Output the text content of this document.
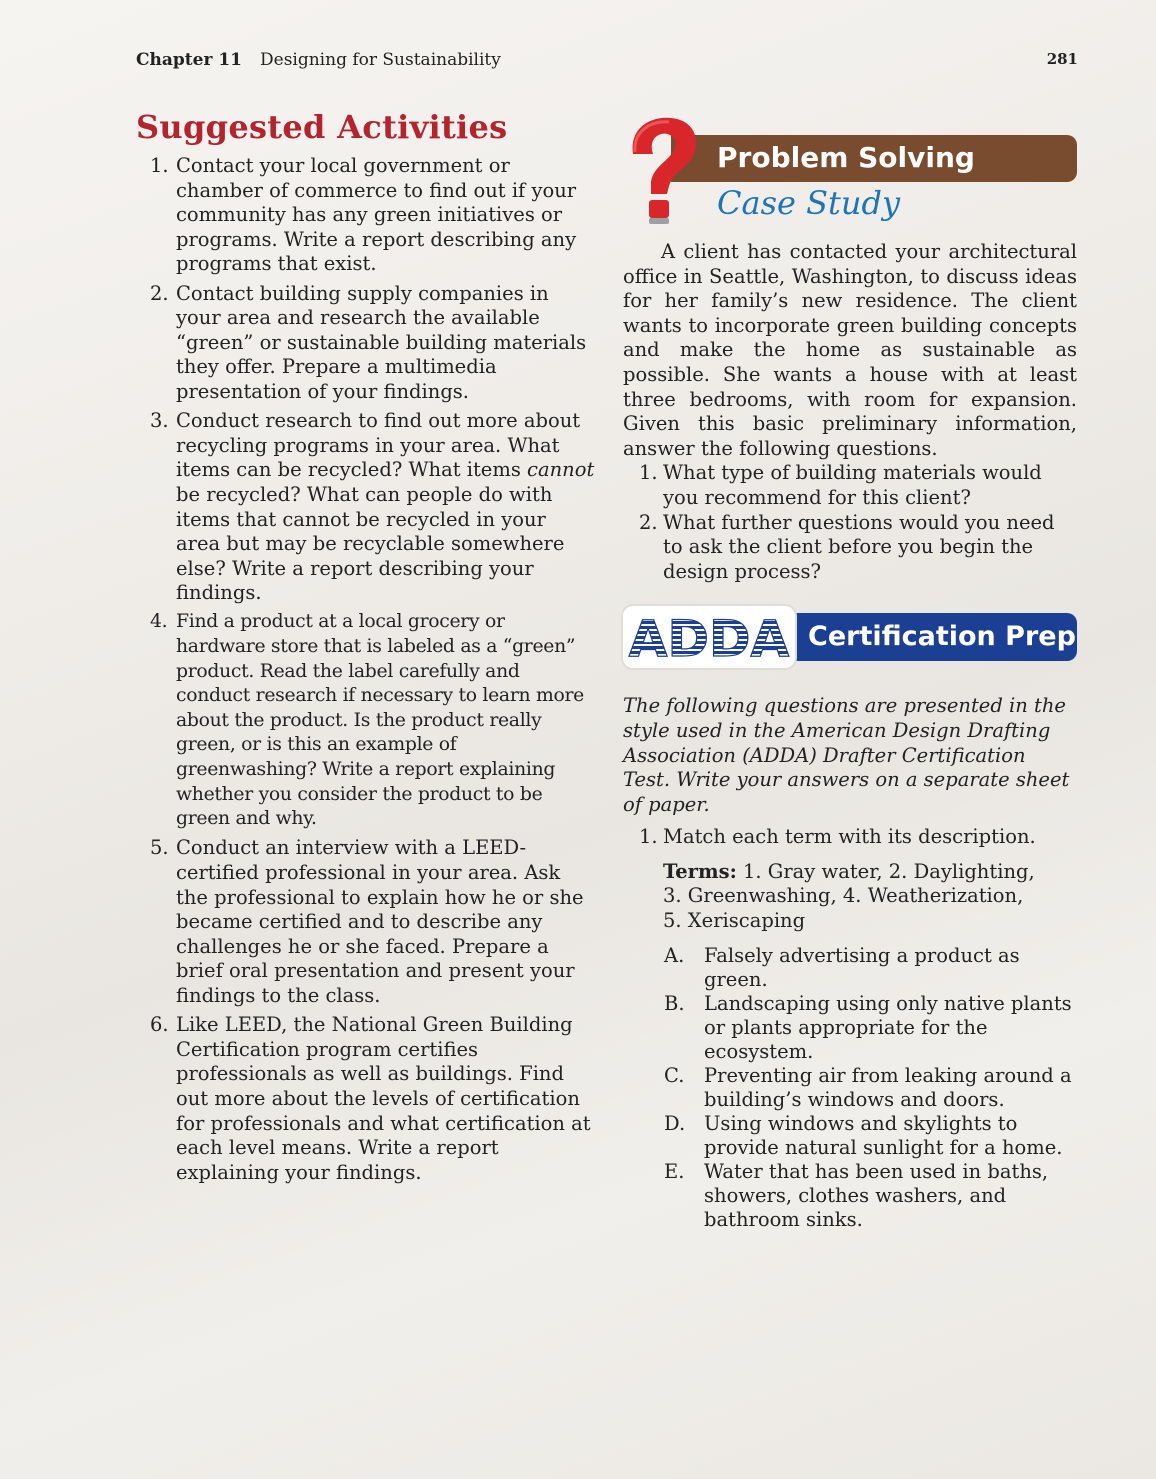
Chapter 11 Designing for Sustainability	281
Suggested Activities
1. Contact your local government or chamber of commerce to find out if your community has any green initiatives or programs. Write a report describing any programs that exist.
2. Contact building supply companies in your area and research the available “green” or sustainable building materials they offer. Prepare a multimedia presentation of your findings.
3. Conduct research to find out more about recycling programs in your area. What items can be recycled? What items cannot be recycled? What can people do with items that cannot be recycled in your area but may be recyclable somewhere else? Write a report describing your findings.
4. Find a product at a local grocery or hardware store that is labeled as a “green” product. Read the label carefully and conduct research if necessary to learn more about the product. Is the product really green, or is this an example of greenwashing? Write a report explaining whether you consider the product to be green and why.
5. Conduct an interview with a LEED-certified professional in your area. Ask the professional to explain how he or she became certified and to describe any challenges he or she faced. Prepare a brief oral presentation and present your findings to the class.
6. Like LEED, the National Green Building Certification program certifies professionals as well as buildings. Find out more about the levels of certification for professionals and what certification at each level means. Write a report explaining your findings.
Problem Solving
Case Study

A client has contacted your architectural office in Seattle, Washington, to discuss ideas for her family’s new residence. The client wants to incorporate green building concepts and make the home as sustainable as possible. She wants a house with at least three bedrooms, with room for expansion. Given this basic preliminary information, answer the following questions.

1. What type of building materials would you recommend for this client?
2. What further questions would you need to ask the client before you begin the design process?
Certification Prep
ADDA

The following questions are presented in the style used in the American Design Drafting Association (ADDA) Drafter Certification Test. Write your answers on a separate sheet of paper.

1. Match each term with its description.
Terms: 1. Gray water, 2. Daylighting,
3. Greenwashing, 4. Weatherization,
5. Xeriscaping
A. Falsely advertising a product as green.
B. Landscaping using only native plants or plants appropriate for the ecosystem.
C. Preventing air from leaking around a building’s windows and doors.
D. Using windows and skylights to provide natural sunlight for a home.
E. Water that has been used in baths, showers, clothes washers, and bathroom sinks.
